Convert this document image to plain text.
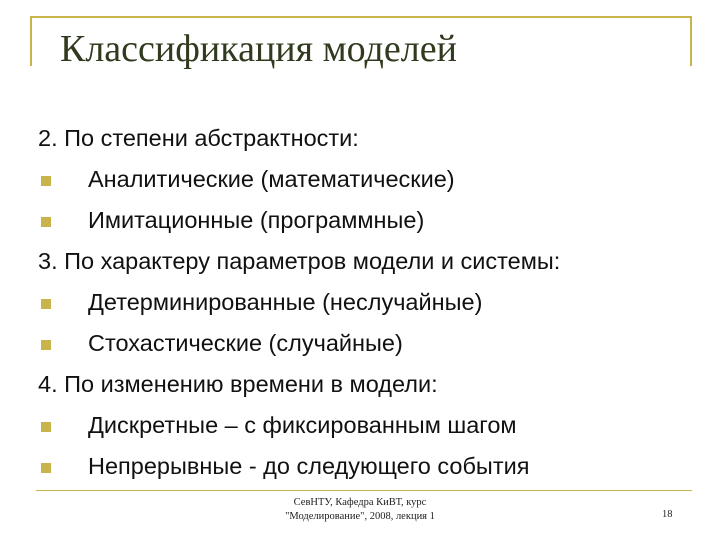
Классификация моделей
2. По степени абстрактности:
Аналитические (математические)
Имитационные (программные)
3. По характеру параметров модели и системы:
Детерминированные (неслучайные)
Стохастические (случайные)
4. По изменению времени в модели:
Дискретные – с фиксированным шагом
Непрерывные - до следующего события
СевНТУ, Кафедра КиВТ, курс
"Моделирование", 2008, лекция 1	18
